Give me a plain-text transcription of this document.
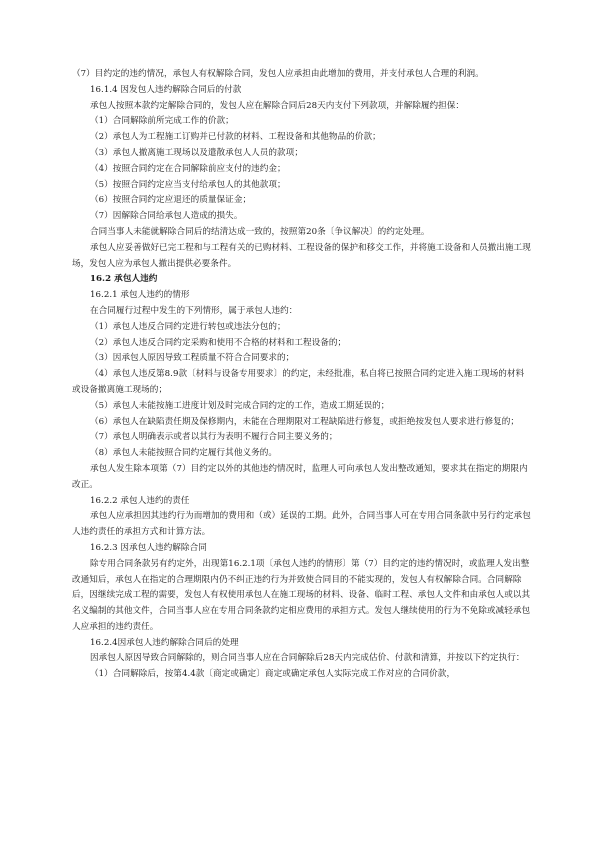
（7）目约定的违约情况，承包人有权解除合同，发包人应承担由此增加的费用，并支付承包人合理的利润。

16.1.4 因发包人违约解除合同后的付款

承包人按照本款约定解除合同的，发包人应在解除合同后28天内支付下列款项，并解除履约担保：

（1）合同解除前所完成工作的价款；

（2）承包人为工程施工订购并已付款的材料、工程设备和其他物品的价款；

（3）承包人撤离施工现场以及遣散承包人人员的款项；

（4）按照合同约定在合同解除前应支付的违约金；

（5）按照合同约定应当支付给承包人的其他款项；

（6）按照合同约定应退还的质量保证金；

（7）因解除合同给承包人造成的损失。

合同当事人未能就解除合同后的结清达成一致的，按照第20条〔争议解决〕的约定处理。

承包人应妥善做好已完工程和与工程有关的已购材料、工程设备的保护和移交工作，并将施工设备和人员撤出施工现场，发包人应为承包人撤出提供必要条件。

16.2 承包人违约

16.2.1 承包人违约的情形

在合同履行过程中发生的下列情形，属于承包人违约：

（1）承包人违反合同约定进行转包或违法分包的；

（2）承包人违反合同约定采购和使用不合格的材料和工程设备的；

（3）因承包人原因导致工程质量不符合合同要求的；

（4）承包人违反第8.9款〔材料与设备专用要求〕的约定，未经批准，私自将已按照合同约定进入施工现场的材料或设备撤离施工现场的；

（5）承包人未能按施工进度计划及时完成合同约定的工作，造成工期延误的；

（6）承包人在缺陷责任期及保修期内，未能在合理期限对工程缺陷进行修复，或拒绝按发包人要求进行修复的；

（7）承包人明确表示或者以其行为表明不履行合同主要义务的；

（8）承包人未能按照合同约定履行其他义务的。

承包人发生除本项第（7）目约定以外的其他违约情况时，监理人可向承包人发出整改通知，要求其在指定的期限内改正。

16.2.2 承包人违约的责任

承包人应承担因其违约行为而增加的费用和（或）延误的工期。此外，合同当事人可在专用合同条款中另行约定承包人违约责任的承担方式和计算方法。

16.2.3 因承包人违约解除合同

除专用合同条款另有约定外，出现第16.2.1项〔承包人违约的情形〕第（7）目约定的违约情况时，或监理人发出整改通知后，承包人在指定的合理期限内仍不纠正违约行为并致使合同目的不能实现的，发包人有权解除合同。合同解除后，因继续完成工程的需要，发包人有权使用承包人在施工现场的材料、设备、临时工程、承包人文件和由承包人或以其名义编制的其他文件，合同当事人应在专用合同条款约定相应费用的承担方式。发包人继续使用的行为不免除或减轻承包人应承担的违约责任。

16.2.4因承包人违约解除合同后的处理

因承包人原因导致合同解除的，则合同当事人应在合同解除后28天内完成估价、付款和清算，并按以下约定执行：

（1）合同解除后，按第4.4款〔商定或确定〕商定或确定承包人实际完成工作对应的合同价款，
